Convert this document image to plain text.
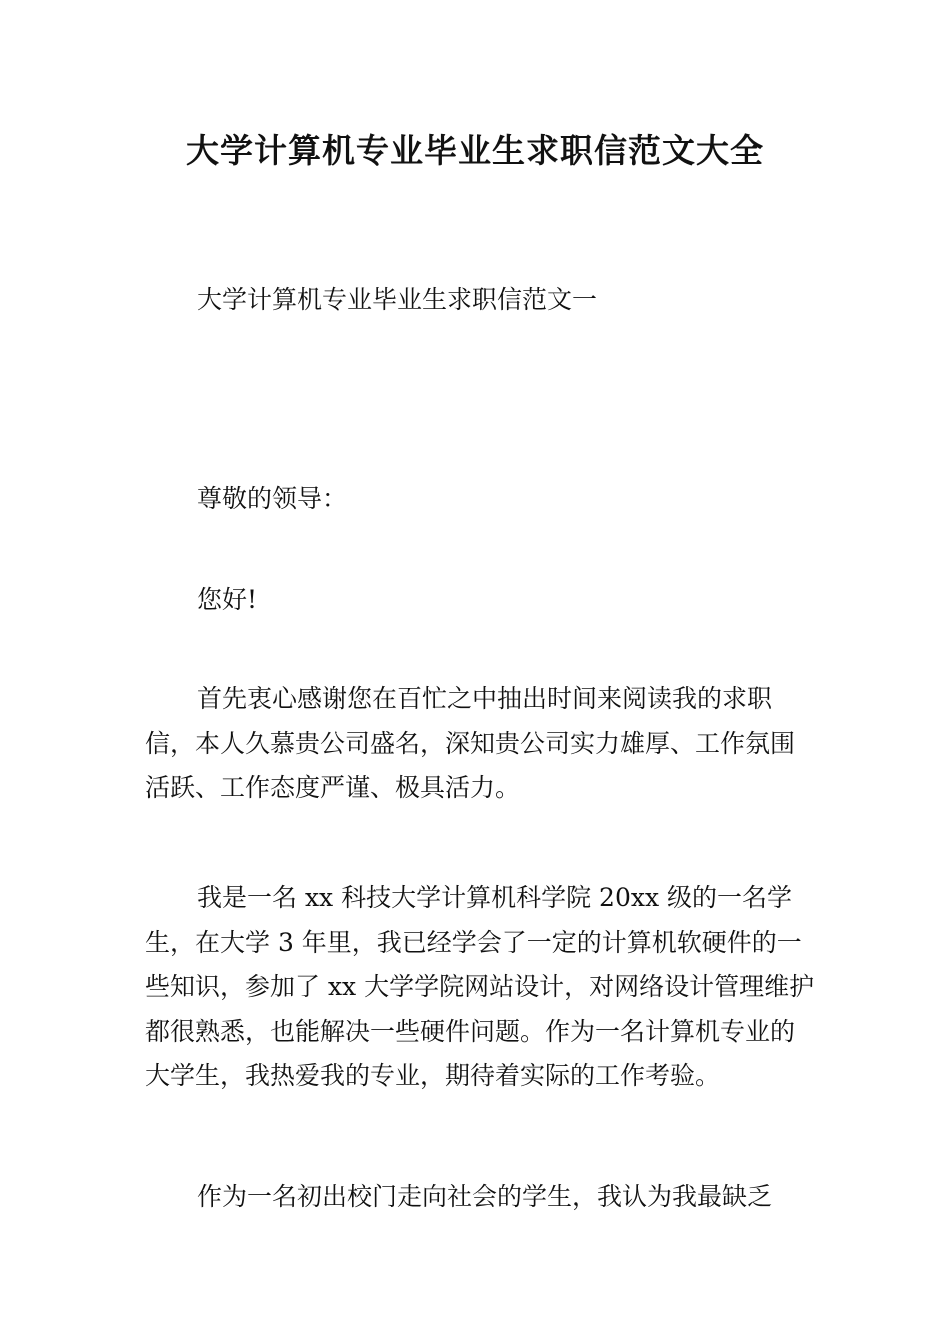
大学计算机专业毕业生求职信范文大全

大学计算机专业毕业生求职信范文一

尊敬的领导：

您好!

首先衷心感谢您在百忙之中抽出时间来阅读我的求职信，本人久慕贵公司盛名，深知贵公司实力雄厚、工作氛围活跃、工作态度严谨、极具活力。

我是一名 xx 科技大学计算机科学院 20xx 级的一名学生，在大学 3 年里，我已经学会了一定的计算机软硬件的一些知识，参加了 xx 大学学院网站设计，对网络设计管理维护都很熟悉，也能解决一些硬件问题。作为一名计算机专业的大学生，我热爱我的专业，期待着实际的工作考验。

作为一名初出校门走向社会的学生，我认为我最缺乏
